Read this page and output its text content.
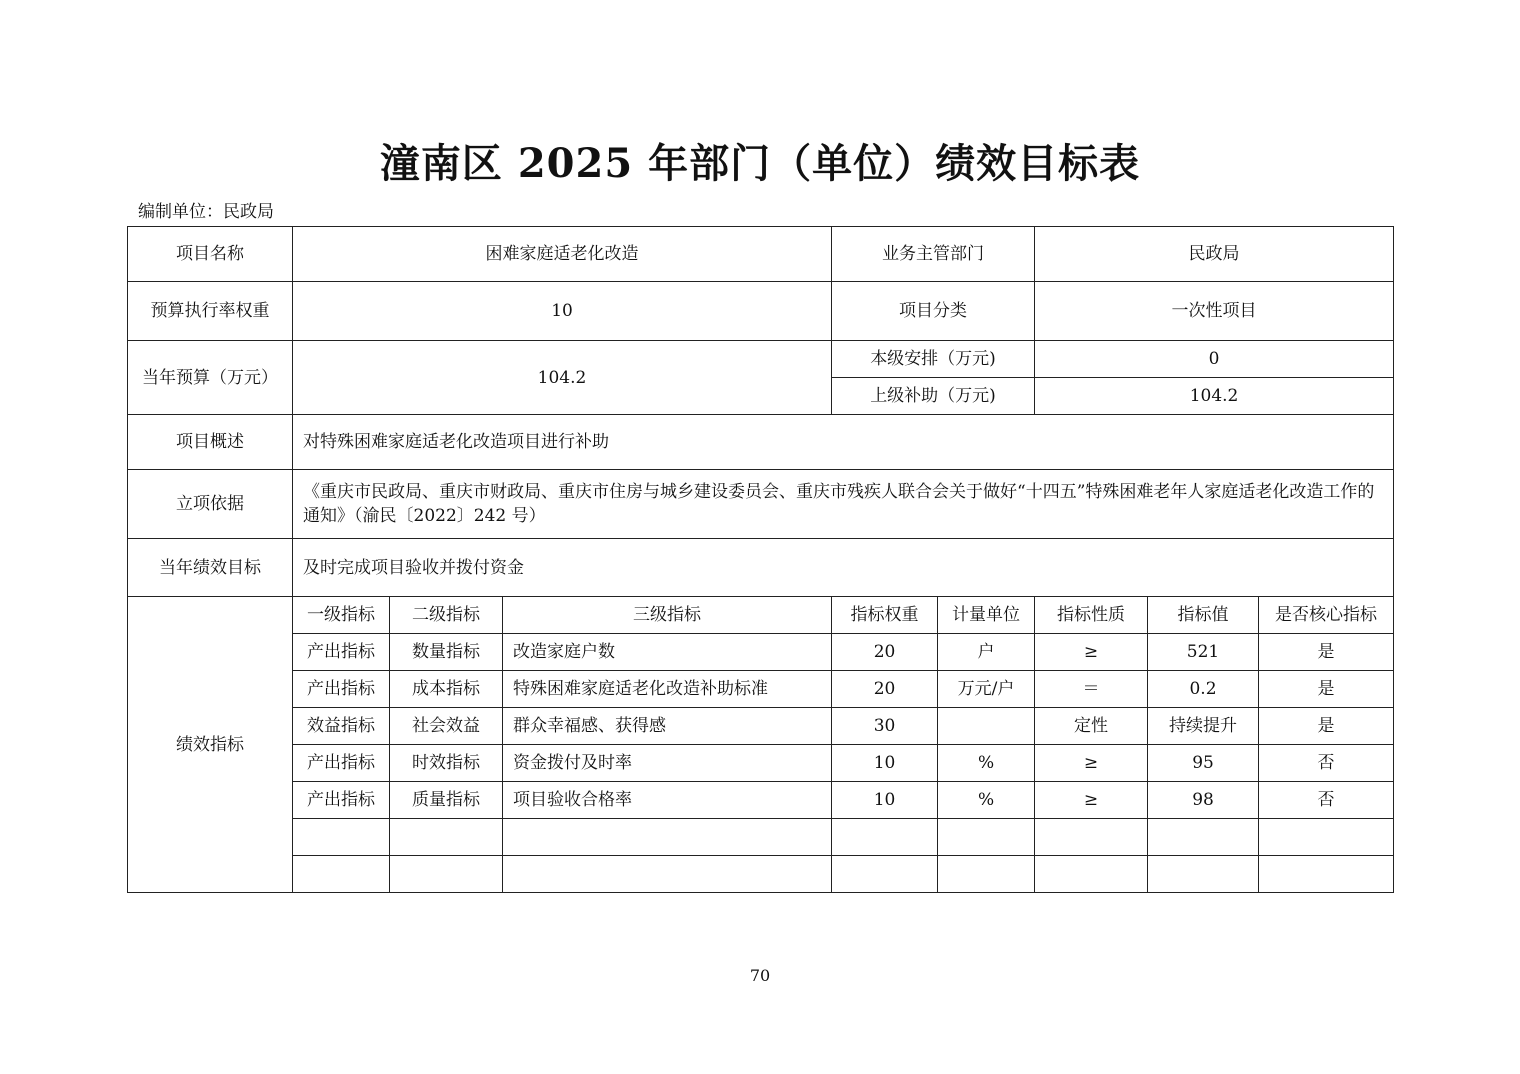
潼南区 2025 年部门（单位）绩效目标表
编制单位：民政局
项目名称	困难家庭适老化改造			业务主管部门		民政局		
预算执行率权重	10			项目分类		一次性项目		
当年预算（万元）	104.2			本级安排（万元)		0		
				上级补助（万元)		104.2		
项目概述	对特殊困难家庭适老化改造项目进行补助							
立项依据	《重庆市民政局、重庆市财政局、重庆市住房与城乡建设委员会、重庆市残疾人联合会关于做好“十四五”特殊困难老年人家庭适老化改造工作的通知》（渝民〔2022〕242 号）							
当年绩效目标	及时完成项目验收并拨付资金							
绩效指标	一级指标	二级指标	三级指标	指标权重	计量单位	指标性质	指标值	是否核心指标
	产出指标	数量指标	改造家庭户数	20	户	≥	521	是
	产出指标	成本指标	特殊困难家庭适老化改造补助标准	20	万元/户	＝	0.2	是
	效益指标	社会效益	群众幸福感、获得感	30		定性	持续提升	是
	产出指标	时效指标	资金拨付及时率	10	%	≥	95	否
	产出指标	质量指标	项目验收合格率	10	%	≥	98	否

70
